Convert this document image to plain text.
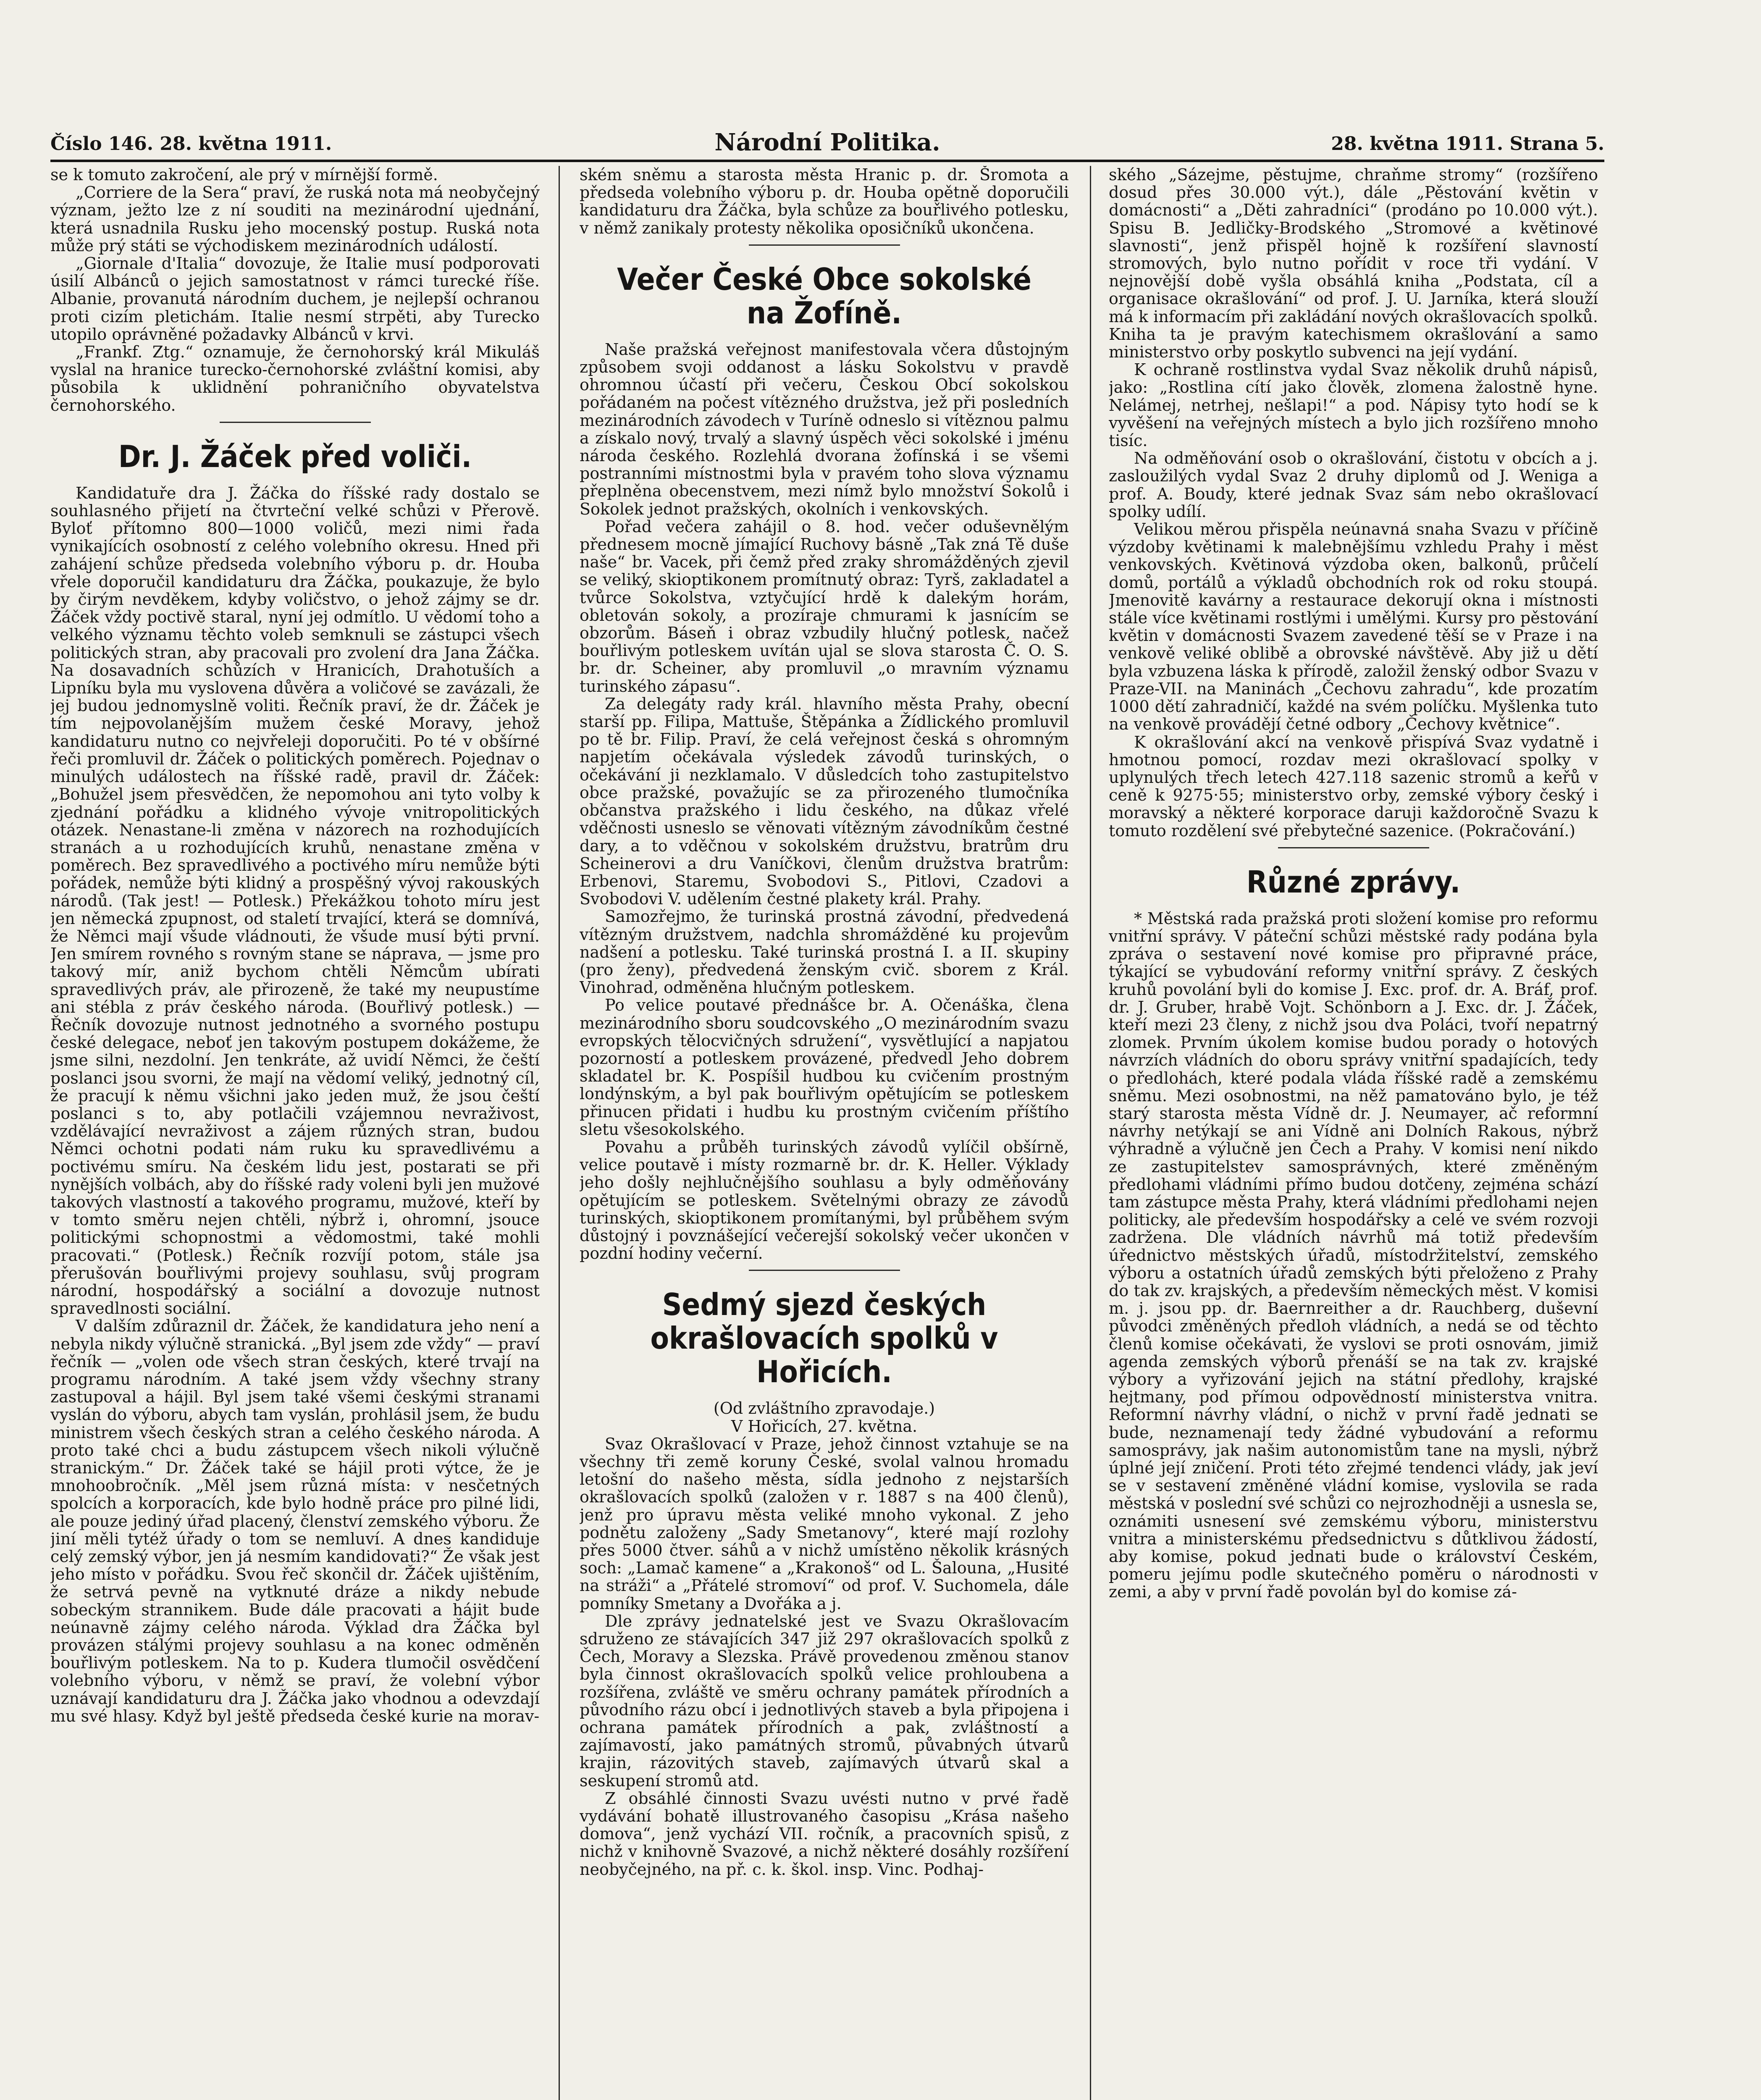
Číslo 146. 28. května 1911.	Národní Politika.	28. května 1911. Strana 5.

se k tomuto zakročení, ale prý v mírnější formě.

„Corriere de la Sera“ praví, že ruská nota má neobyčejný význam, ježto lze z ní souditi na mezinárodní ujednání, která usnadnila Rusku jeho mocenský postup. Ruská nota může prý státi se východiskem mezinárodních událostí.

„Giornale d'Italia“ dovozuje, že Italie musí podporovati úsilí Albánců o jejich samostatnost v rámci turecké říše. Albanie, provanutá národním duchem, je nejlepší ochranou proti cizím pletichám. Italie nesmí strpěti, aby Turecko utopilo oprávněné požadavky Albánců v krvi.

„Frankf. Ztg.“ oznamuje, že černohorský král Mikuláš vyslal na hranice turecko-černohorské zvláštní komisi, aby působila k uklidnění pohraničního obyvatelstva černohorského.

Dr. J. Žáček před voliči.

Kandidatuře dra J. Žáčka do říšské rady dostalo se souhlasného přijetí na čtvrteční velké schůzi v Přerově. Byloť přítomno 800—1000 voličů, mezi nimi řada vynikajících osobností z celého volebního okresu. Hned při zahájení schůze předseda volebního výboru p. dr. Houba vřele doporučil kandidaturu dra Žáčka, poukazuje, že bylo by čirým nevděkem, kdyby voličstvo, o jehož zájmy se dr. Žáček vždy poctivě staral, nyní jej odmítlo. U vědomí toho a velkého významu těchto voleb semknuli se zástupci všech politických stran, aby pracovali pro zvolení dra Jana Žáčka. Na dosavadních schůzích v Hranicích, Drahotuších a Lipníku byla mu vyslovena důvěra a voličové se zavázali, že jej budou jednomyslně voliti. Řečník praví, že dr. Žáček je tím nejpovolanějším mužem české Moravy, jehož kandidaturu nutno co nejvřeleji doporučiti. Po té v obšírné řeči promluvil dr. Žáček o politických poměrech. Pojednav o minulých událostech na říšské radě, pravil dr. Žáček: „Bohužel jsem přesvědčen, že nepomohou ani tyto volby k zjednání pořádku a klidného vývoje vnitropolitických otázek. Nenastane-li změna v názorech na rozhodujících stranách a u rozhodujících kruhů, nenastane změna v poměrech. Bez spravedlivého a poctivého míru nemůže býti pořádek, nemůže býti klidný a prospěšný vývoj rakouských národů. (Tak jest! — Potlesk.) Překážkou tohoto míru jest jen německá zpupnost, od staletí trvající, která se domnívá, že Němci mají všude vládnouti, že všude musí býti první. Jen smírem rovného s rovným stane se náprava, — jsme pro takový mír, aniž bychom chtěli Němcům ubírati spravedlivých práv, ale přirozeně, že také my neupustíme ani stébla z práv českého národa. (Bouřlivý potlesk.) — Řečník dovozuje nutnost jednotného a svorného postupu české delegace, neboť jen takovým postupem dokážeme, že jsme silni, nezdolní. Jen tenkráte, až uvidí Němci, že čeští poslanci jsou svorni, že mají na vědomí veliký, jednotný cíl, že pracují k němu všichni jako jeden muž, že jsou čeští poslanci s to, aby potlačili vzájemnou nevraživost, vzdělávající nevraživost a zájem různých stran, budou Němci ochotni podati nám ruku ku spravedlivému a poctivému smíru. Na českém lidu jest, postarati se při nynějších volbách, aby do říšské rady voleni byli jen mužové takových vlastností a takového programu, mužové, kteří by v tomto směru nejen chtěli, nýbrž i, ohromní, jsouce politickými schopnostmi a vědomostmi, také mohli pracovati.“ (Potlesk.) Řečník rozvíjí potom, stále jsa přerušován bouřlivými projevy souhlasu, svůj program národní, hospodářský a sociální a dovozuje nutnost spravedlnosti sociální.

V dalším zdůraznil dr. Žáček, že kandidatura jeho není a nebyla nikdy výlučně stranická. „Byl jsem zde vždy“ — praví řečník — „volen ode všech stran českých, které trvají na programu národním. A také jsem vždy všechny strany zastupoval a hájil. Byl jsem také všemi českými stranami vyslán do výboru, abych tam vyslán, prohlásil jsem, že budu ministrem všech českých stran a celého českého národa. A proto také chci a budu zástupcem všech nikoli výlučně stranickým.“ Dr. Žáček také se hájil proti výtce, že je mnohoobročník. „Měl jsem různá místa: v nesčetných spolcích a korporacích, kde bylo hodně práce pro pilné lidi, ale pouze jediný úřad placený, členství zemského výboru. Že jiní měli tytéž úřady o tom se nemluví. A dnes kandiduje celý zemský výbor, jen já nesmím kandidovati?“ Že však jest jeho místo v pořádku. Svou řeč skončil dr. Žáček ujištěním, že setrvá pevně na vytknuté dráze a nikdy nebude sobeckým strannikem. Bude dále pracovati a hájit bude neúnavně zájmy celého národa. Výklad dra Žáčka byl provázen stálými projevy souhlasu a na konec odměněn bouřlivým potleskem. Na to p. Kudera tlumočil osvědčení volebního výboru, v němž se praví, že volební výbor uznávají kandidaturu dra J. Žáčka jako vhodnou a odevzdají mu své hlasy. Když byl ještě předseda české kurie na morav-

ském sněmu a starosta města Hranic p. dr. Šromota a předseda volebního výboru p. dr. Houba opětně doporučili kandidaturu dra Žáčka, byla schůze za bouřlivého potlesku, v němž zanikaly protesty několika oposičníků ukončena.

Večer České Obce sokolské na Žofíně.

Naše pražská veřejnost manifestovala včera důstojným způsobem svoji oddanost a lásku Sokolstvu v pravdě ohromnou účastí při večeru, Českou Obcí sokolskou pořádaném na počest vítězného družstva, jež při posledních mezinárodních závodech v Turíně odneslo si vítěznou palmu a získalo nový, trvalý a slavný úspěch věci sokolské i jménu národa českého. Rozlehlá dvorana žofínská i se všemi postranními místnostmi byla v pravém toho slova významu přeplněna obecenstvem, mezi nímž bylo množství Sokolů i Sokolek jednot pražských, okolních i venkovských.

Pořad večera zahájil o 8. hod. večer oduševnělým přednesem mocně jímající Ruchovy básně „Tak zná Tě duše naše“ br. Vacek, při čemž před zraky shromážděných zjevil se veliký, skioptikonem promítnutý obraz: Tyrš, zakladatel a tvůrce Sokolstva, vztyčující hrdě k dalekým horám, obletován sokoly, a prozíraje chmurami k jasnícím se obzorům. Báseň i obraz vzbudily hlučný potlesk, načež bouřlivým potleskem uvítán ujal se slova starosta Č. O. S. br. dr. Scheiner, aby promluvil „o mravním významu turinského zápasu“.

Za delegáty rady král. hlavního města Prahy, obecní starší pp. Filipa, Mattuše, Štěpánka a Žídlického promluvil po tě br. Filip. Praví, že celá veřejnost česká s ohromným napjetím očekávala výsledek závodů turinských, o očekávání ji nezklamalo. V důsledcích toho zastupitelstvo obce pražské, považujíc se za přirozeného tlumočníka občanstva pražského i lidu českého, na důkaz vřelé vděčnosti usneslo se věnovati vítězným závodníkům čestné dary, a to vděčnou v sokolském družstvu, bratrům dru Scheinerovi a dru Vaníčkovi, členům družstva bratrům: Erbenovi, Staremu, Svobodovi S., Pitlovi, Czadovi a Svobodovi V. udělením čestné plakety král. Prahy.

Samozřejmo, že turinská prostná závodní, předvedená vítězným družstvem, nadchla shromážděné ku projevům nadšení a potlesku. Také turinská prostná I. a II. skupiny (pro ženy), předvedená ženským cvič. sborem z Král. Vinohrad, odměněna hlučným potleskem.

Po velice poutavé přednášce br. A. Očenáška, člena mezinárodního sboru soudcovského „O mezinárodním svazu evropských tělocvičných sdružení“, vysvětlující a napjatou pozorností a potleskem provázené, předvedl Jeho dobrem skladatel br. K. Pospíšil hudbou ku cvičením prostným londýnským, a byl pak bouřlivým opětujícím se potleskem přinucen přidati i hudbu ku prostným cvičením příštího sletu všesokolského.

Povahu a průběh turinských závodů vylíčil obšírně, velice poutavě i místy rozmarně br. dr. K. Heller. Výklady jeho došly nejhlučnějšího souhlasu a byly odměňovány opětujícím se potleskem. Světelnými obrazy ze závodů turinských, skioptikonem promítanými, byl průběhem svým důstojný i povznášející večerejší sokolský večer ukončen v pozdní hodiny večerní.

Sedmý sjezd českých okrašlovacích spolků v Hořicích.

(Od zvláštního zpravodaje.)

V Hořicích, 27. května.

Svaz Okrašlovací v Praze, jehož činnost vztahuje se na všechny tři země koruny České, svolal valnou hromadu letošní do našeho města, sídla jednoho z nejstarších okrašlovacích spolků (založen v r. 1887 s na 400 členů), jenž pro úpravu města veliké mnoho vykonal. Z jeho podnětu založeny „Sady Smetanovy“, které mají rozlohy přes 5000 čtver. sáhů a v nichž umístěno několik krásných soch: „Lamač kamene“ a „Krakonoš“ od L. Šalouna, „Husité na stráži“ a „Přátelé stromoví“ od prof. V. Suchomela, dále pomníky Smetany a Dvořáka a j.

Dle zprávy jednatelské jest ve Svazu Okrašlovacím sdruženo ze stávajících 347 již 297 okrašlovacích spolků z Čech, Moravy a Slezska. Právě provedenou změnou stanov byla činnost okrašlovacích spolků velice prohloubena a rozšířena, zvláště ve směru ochrany památek přírodních a původního rázu obcí i jednotlivých staveb a byla připojena i ochrana památek přírodních a pak, zvláštností a zajímavostí, jako památných stromů, půvabných útvarů krajin, rázovitých staveb, zajímavých útvarů skal a seskupení stromů atd.

Z obsáhlé činnosti Svazu uvésti nutno v prvé řadě vydávání bohatě illustrovaného časopisu „Krása našeho domova“, jenž vychází VII. ročník, a pracovních spisů, z nichž v knihovně Svazové, a nichž některé dosáhly rozšíření neobyčejného, na př. c. k. škol. insp. Vinc. Podhaj-

ského „Sázejme, pěstujme, chraňme stromy“ (rozšířeno dosud přes 30.000 výt.), dále „Pěstování květin v domácnosti“ a „Děti zahradníci“ (prodáno po 10.000 výt.). Spisu B. Jedličky-Brodského „Stromové a květinové slavnosti“, jenž přispěl hojně k rozšíření slavností stromových, bylo nutno pořídit v roce tři vydání. V nejnovější době vyšla obsáhlá kniha „Podstata, cíl a organisace okrašlování“ od prof. J. U. Jarníka, která slouží má k informacím při zakládání nových okrašlovacích spolků. Kniha ta je pravým katechismem okrašlování a samo ministerstvo orby poskytlo subvenci na její vydání.

K ochraně rostlinstva vydal Svaz několik druhů nápisů, jako: „Rostlina cítí jako člověk, zlomena žalostně hyne. Nelámej, netrhej, nešlapi!“ a pod. Nápisy tyto hodí se k vyvěšení na veřejných místech a bylo jich rozšířeno mnoho tisíc.

Na odměňování osob o okrašlování, čistotu v obcích a j. zasloužilých vydal Svaz 2 druhy diplomů od J. Weniga a prof. A. Boudy, které jednak Svaz sám nebo okrašlovací spolky udílí.

Velikou měrou přispěla neúnavná snaha Svazu v příčině výzdoby květinami k malebnějšímu vzhledu Prahy i měst venkovských. Květinová výzdoba oken, balkonů, průčelí domů, portálů a výkladů obchodních rok od roku stoupá. Jmenovitě kavárny a restaurace dekorují okna i místnosti stále více květinami rostlými i umělými. Kursy pro pěstování květin v domácnosti Svazem zavedené těší se v Praze i na venkově veliké oblibě a obrovské návštěvě. Aby již u dětí byla vzbuzena láska k přírodě, založil ženský odbor Svazu v Praze-VII. na Maninách „Čechovu zahradu“, kde prozatím 1000 dětí zahradničí, každé na svém políčku. Myšlenka tuto na venkově provádějí četné odbory „Čechovy květnice“.

K okrašlování akcí na venkově přispívá Svaz vydatně i hmotnou pomocí, rozdav mezi okrašlovací spolky v uplynulých třech letech 427.118 sazenic stromů a keřů v ceně k 9275·55; ministerstvo orby, zemské výbory český i moravský a některé korporace daruji každoročně Svazu k tomuto rozdělení své přebytečné sazenice. (Pokračování.)

Různé zprávy.

* Městská rada pražská proti složení komise pro reformu vnitřní správy. V páteční schůzi městské rady podána byla zpráva o sestavení nové komise pro připravné práce, týkající se vybudování reformy vnitřní správy. Z českých kruhů povolání byli do komise J. Exc. prof. dr. A. Bráf, prof. dr. J. Gruber, hrabě Vojt. Schönborn a J. Exc. dr. J. Žáček, kteří mezi 23 členy, z nichž jsou dva Poláci, tvoří nepatrný zlomek. Prvním úkolem komise budou porady o hotových návrzích vládních do oboru správy vnitřní spadajících, tedy o předlohách, které podala vláda říšské radě a zemskému sněmu. Mezi osobnostmi, na něž pamatováno bylo, je též starý starosta města Vídně dr. J. Neumayer, ač reformní návrhy netýkají se ani Vídně ani Dolních Rakous, nýbrž výhradně a výlučně jen Čech a Prahy. V komisi není nikdo ze zastupitelstev samosprávných, které změněným předlohami vládními přímo budou dotčeny, zejména schází tam zástupce města Prahy, která vládními předlohami nejen politicky, ale především hospodářsky a celé ve svém rozvoji zadržena. Dle vládních návrhů má totiž především úřednictvo městských úřadů, místodržitelství, zemského výboru a ostatních úřadů zemských býti přeloženo z Prahy do tak zv. krajských, a především německých měst. V komisi m. j. jsou pp. dr. Baernreither a dr. Rauchberg, duševní původci změněných předloh vládních, a nedá se od těchto členů komise očekávati, že vyslovi se proti osnovám, jimiž agenda zemských výborů přenáší se na tak zv. krajské výbory a vyřizování jejich na státní předlohy, krajské hejtmany, pod přímou odpovědností ministerstva vnitra. Reformní návrhy vládní, o nichž v první řadě jednati se bude, neznamenají tedy žádné vybudování a reformu samosprávy, jak našim autonomistům tane na mysli, nýbrž úplné její zničení. Proti této zřejmé tendenci vlády, jak jeví se v sestavení změněné vládní komise, vyslovila se rada městská v poslední své schůzi co nejrozhodněji a usnesla se, oznámiti usnesení své zemskému výboru, ministerstvu vnitra a ministerskému předsednictvu s důtklivou žádostí, aby komise, pokud jednati bude o království Českém, pomeru jejímu podle skutečného poměru o národnosti v zemi, a aby v první řadě povolán byl do komise zá-
